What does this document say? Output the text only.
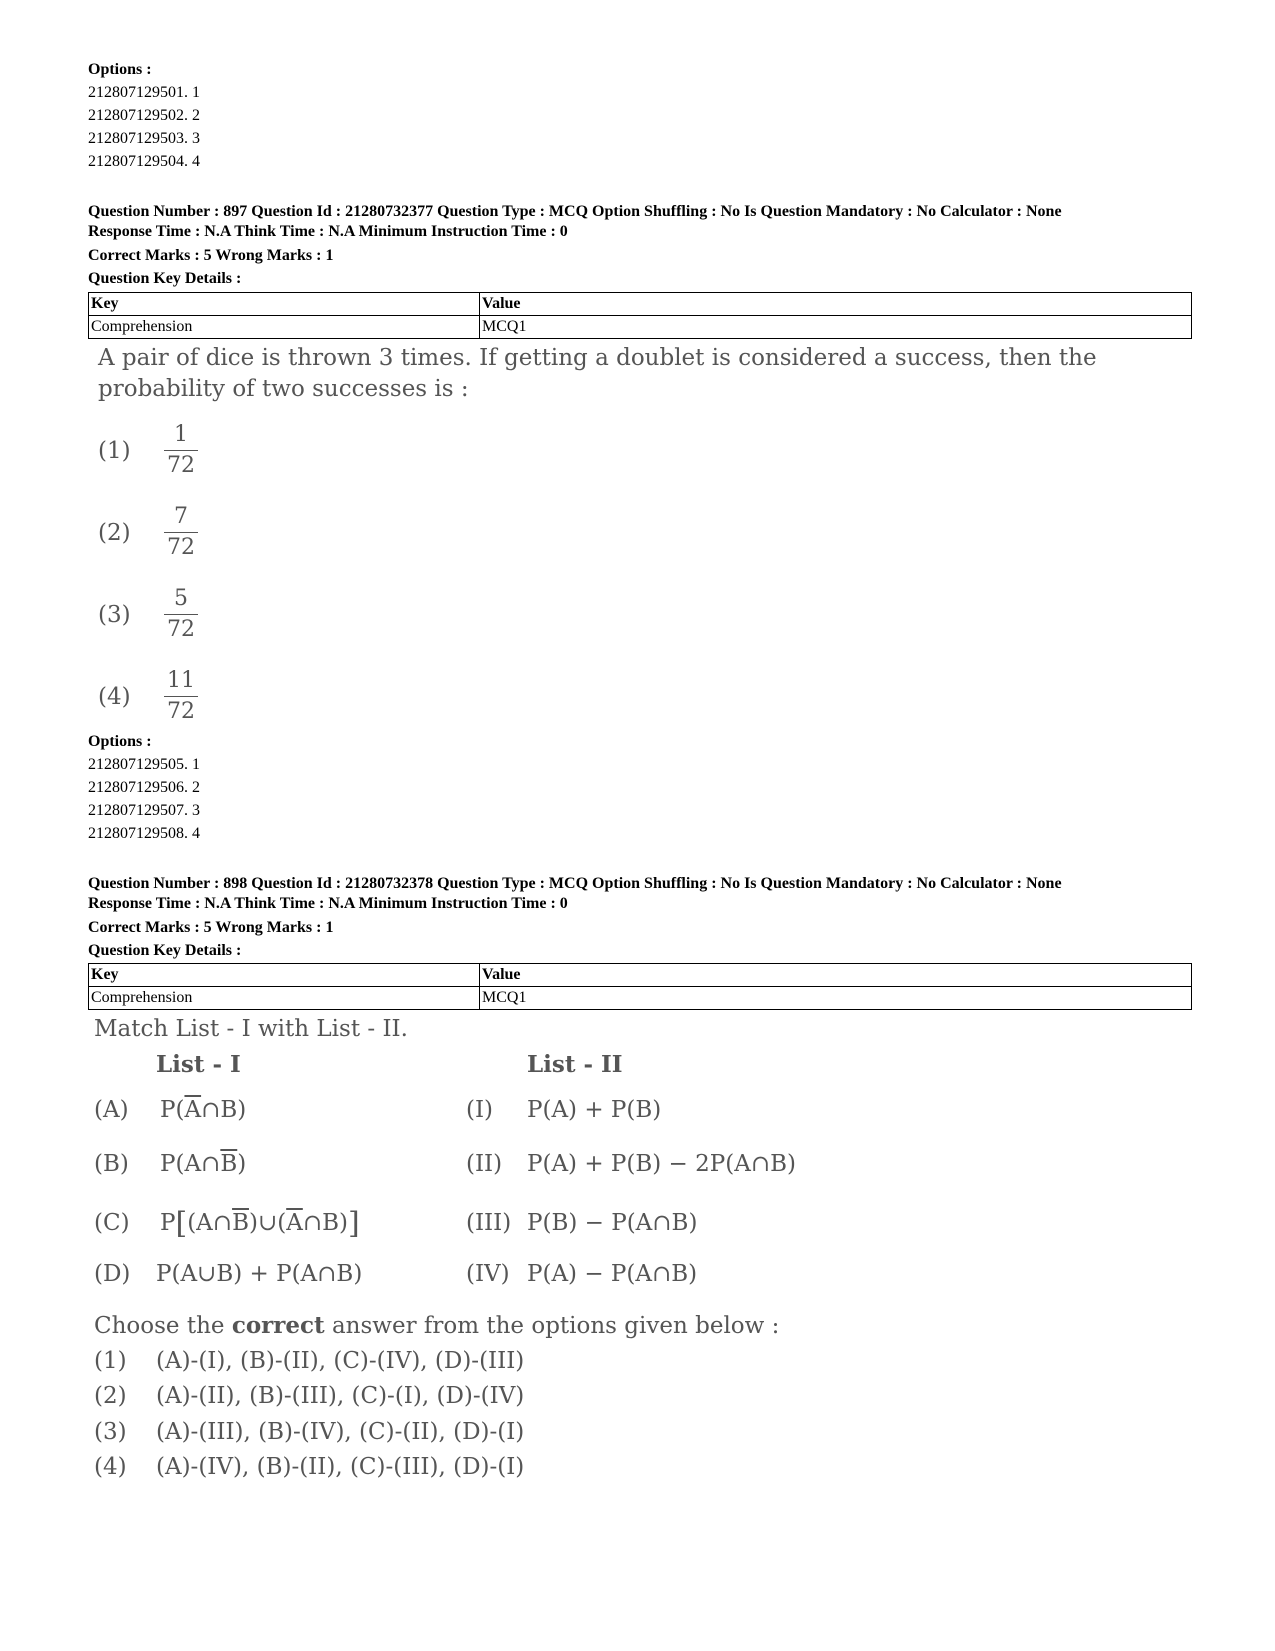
Options :
212807129501. 1
212807129502. 2
212807129503. 3
212807129504. 4
Question Number : 897 Question Id : 21280732377 Question Type : MCQ Option Shuffling : No Is Question Mandatory : No Calculator : None
Response Time : N.A Think Time : N.A Minimum Instruction Time : 0
Correct Marks : 5 Wrong Marks : 1
Question Key Details :
Key	Value
Comprehension	MCQ1
A pair of dice is thrown 3 times. If getting a doublet is considered a success, then the probability of two successes is :
(1)
1
72
(2)
7
72
(3)
5
72
(4)
11
72
Options :
212807129505. 1
212807129506. 2
212807129507. 3
212807129508. 4
Question Number : 898 Question Id : 21280732378 Question Type : MCQ Option Shuffling : No Is Question Mandatory : No Calculator : None
Response Time : N.A Think Time : N.A Minimum Instruction Time : 0
Correct Marks : 5 Wrong Marks : 1
Question Key Details :
Key	Value
Comprehension	MCQ1
Match List - I with List - II.
List - I	List - II
(A) $P(\overline{A}\cap B)$	(I) P(A) + P(B)
(B) $P(A\cap\overline{B})$	(II) P(A) + P(B) − 2P(A∩B)
(C) $P[(A\cap\overline{B})\cup(\overline{A}\cap B)]$	(III) P(B) − P(A∩B)
(D) P(A∪B) + P(A∩B)	(IV) P(A) − P(A∩B)
Choose the correct answer from the options given below :
(1) (A)-(I), (B)-(II), (C)-(IV), (D)-(III)
(2) (A)-(II), (B)-(III), (C)-(I), (D)-(IV)
(3) (A)-(III), (B)-(IV), (C)-(II), (D)-(I)
(4) (A)-(IV), (B)-(II), (C)-(III), (D)-(I)
